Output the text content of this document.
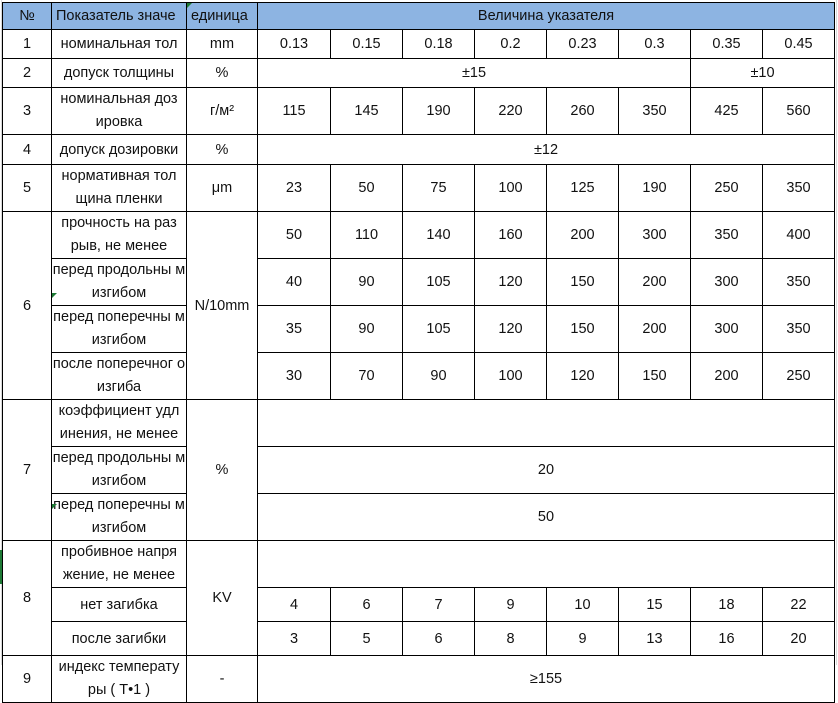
№	Показатель значе	единица	Величина указателя							
1	номинальная тол	mm	0.13	0.15	0.18	0.2	0.23	0.3	0.35	0.45
2	допуск толщины	%	±15						±10	
3	номинальная доз ировка	г/м²	115	145	190	220	260	350	425	560
4	допуск дозировки	%	±12							
5	нормативная тол щина пленки	μm	23	50	75	100	125	190	250	350
6	прочность на раз рыв, не менее	N/10mm	50	110	140	160	200	300	350	400
	перед продольны м изгибом		40	90	105	120	150	200	300	350
	перед поперечны м изгибом		35	90	105	120	150	200	300	350
	после поперечног о изгиба		30	70	90	100	120	150	200	250
7	коэффициент удл инения, не менее	%								
	перед продольны м изгибом		20							
	перед поперечны м изгибом		50							
8	пробивное напря жение, не менее	KV								
	нет загибка		4	6	7	9	10	15	18	22
	после загибки		3	5	6	8	9	13	16	20
9	индекс температу ры ( T•1 )	-	≥155							
